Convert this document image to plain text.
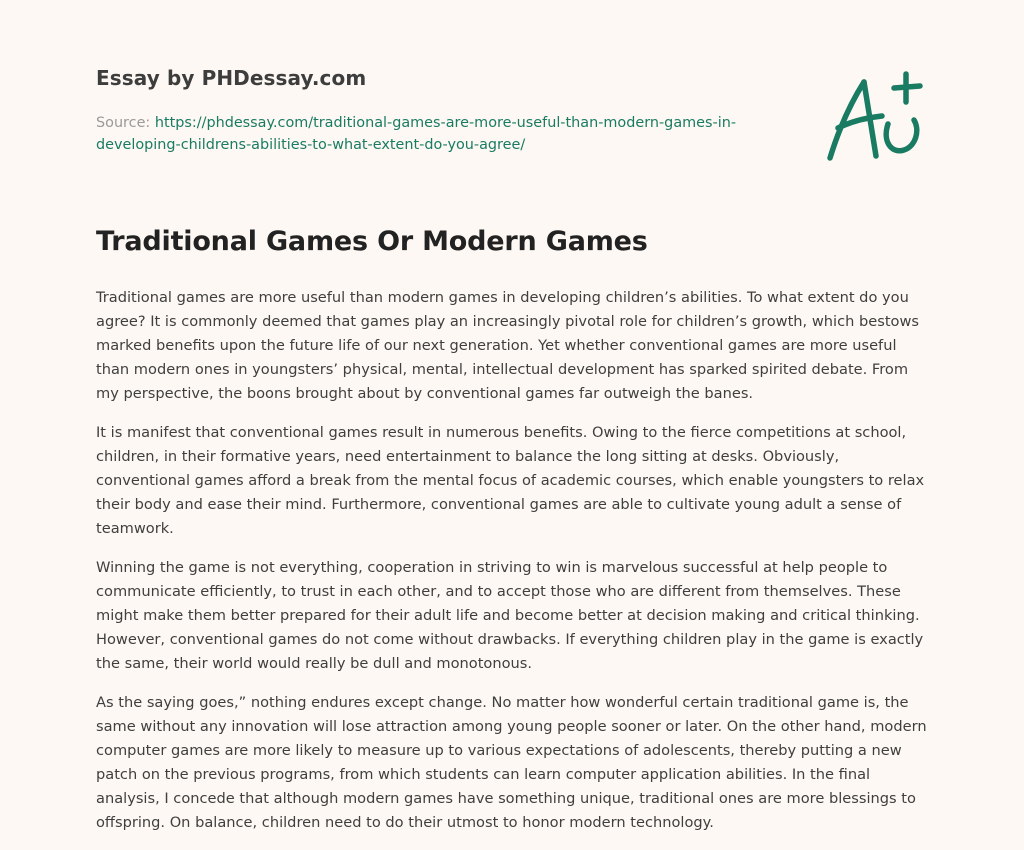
Essay by PHDessay.com
Source: https://phdessay.com/traditional-games-are-more-useful-than-modern-games-in-developing-childrens-abilities-to-what-extent-do-you-agree/
Traditional Games Or Modern Games

Traditional games are more useful than modern games in developing children’s abilities. To what extent do you agree? It is commonly deemed that games play an increasingly pivotal role for children’s growth, which bestows marked benefits upon the future life of our next generation. Yet whether conventional games are more useful than modern ones in youngsters’ physical, mental, intellectual development has sparked spirited debate. From my perspective, the boons brought about by conventional games far outweigh the banes.

It is manifest that conventional games result in numerous benefits. Owing to the fierce competitions at school, children, in their formative years, need entertainment to balance the long sitting at desks. Obviously, conventional games afford a break from the mental focus of academic courses, which enable youngsters to relax their body and ease their mind. Furthermore, conventional games are able to cultivate young adult a sense of teamwork.

Winning the game is not everything, cooperation in striving to win is marvelous successful at help people to communicate efficiently, to trust in each other, and to accept those who are different from themselves. These might make them better prepared for their adult life and become better at decision making and critical thinking. However, conventional games do not come without drawbacks. If everything children play in the game is exactly the same, their world would really be dull and monotonous.

As the saying goes,” nothing endures except change. No matter how wonderful certain traditional game is, the same without any innovation will lose attraction among young people sooner or later. On the other hand, modern computer games are more likely to measure up to various expectations of adolescents, thereby putting a new patch on the previous programs, from which students can learn computer application abilities. In the final analysis, I concede that although modern games have something unique, traditional ones are more blessings to offspring. On balance, children need to do their utmost to honor modern technology.
